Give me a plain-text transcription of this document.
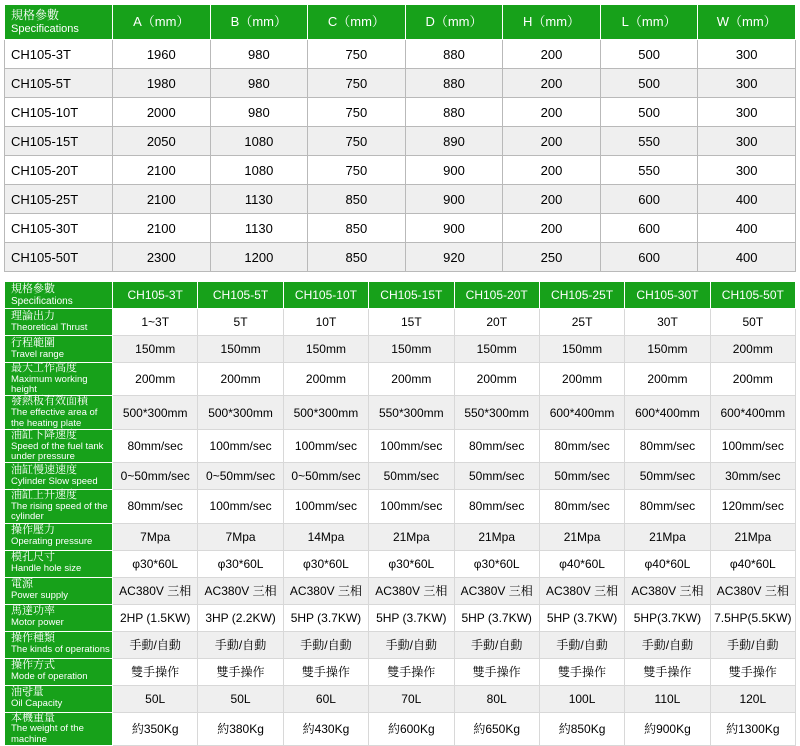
規格參數
Specifications	A（mm）	B（mm）	C（mm）	D（mm）	H（mm）	L（mm）	W（mm）
CH105-3T	1960	980	750	880	200	500	300
CH105-5T	1980	980	750	880	200	500	300
CH105-10T	2000	980	750	880	200	500	300
CH105-15T	2050	1080	750	890	200	550	300
CH105-20T	2100	1080	750	900	200	550	300
CH105-25T	2100	1130	850	900	200	600	400
CH105-30T	2100	1130	850	900	200	600	400
CH105-50T	2300	1200	850	920	250	600	400
規格參數
Specifications	CH105-3T	CH105-5T	CH105-10T	CH105-15T	CH105-20T	CH105-25T	CH105-30T	CH105-50T

理論出力
Theoretical Thrust	1~3T	5T	10T	15T	20T	25T	30T	50T

行程範圍
Travel range	150mm	150mm	150mm	150mm	150mm	150mm	150mm	200mm

最大工作高度
Maximum working height	200mm	200mm	200mm	200mm	200mm	200mm	200mm	200mm

發熱板有效面積
The effective area of the heating plate	500*300mm	500*300mm	500*300mm	550*300mm	550*300mm	600*400mm	600*400mm	600*400mm

油缸下降速度
Speed of the fuel tank under pressure	80mm/sec	100mm/sec	100mm/sec	100mm/sec	80mm/sec	80mm/sec	80mm/sec	100mm/sec

油缸慢速速度
Cylinder Slow speed	0~50mm/sec	0~50mm/sec	0~50mm/sec	50mm/sec	50mm/sec	50mm/sec	50mm/sec	30mm/sec

油缸上升速度
The rising speed of the cylinder	80mm/sec	100mm/sec	100mm/sec	100mm/sec	80mm/sec	80mm/sec	80mm/sec	120mm/sec

操作壓力
Operating pressure	7Mpa	7Mpa	14Mpa	21Mpa	21Mpa	21Mpa	21Mpa	21Mpa

模孔尺寸
Handle hole size	φ30*60L	φ30*60L	φ30*60L	φ30*60L	φ30*60L	φ40*60L	φ40*60L	φ40*60L

電源
Power supply	AC380V 三相	AC380V 三相	AC380V 三相	AC380V 三相	AC380V 三相	AC380V 三相	AC380V 三相	AC380V 三相

馬達功率
Motor power	2HP (1.5KW)	3HP (2.2KW)	5HP (3.7KW)	5HP (3.7KW)	5HP (3.7KW)	5HP (3.7KW)	5HP(3.7KW)	7.5HP(5.5KW)

操作種類
The kinds of operations	手動/自動	手動/自動	手動/自動	手動/自動	手動/自動	手動/自動	手動/自動	手動/自動

操作方式
Mode of operation	雙手操作	雙手操作	雙手操作	雙手操作	雙手操作	雙手操作	雙手操作	雙手操作

油량量
Oil Capacity	50L	50L	60L	70L	80L	100L	110L	120L

本機重量
The weight of the machine	約350Kg	約380Kg	約430Kg	約600Kg	約650Kg	約850Kg	約900Kg	約1300Kg
